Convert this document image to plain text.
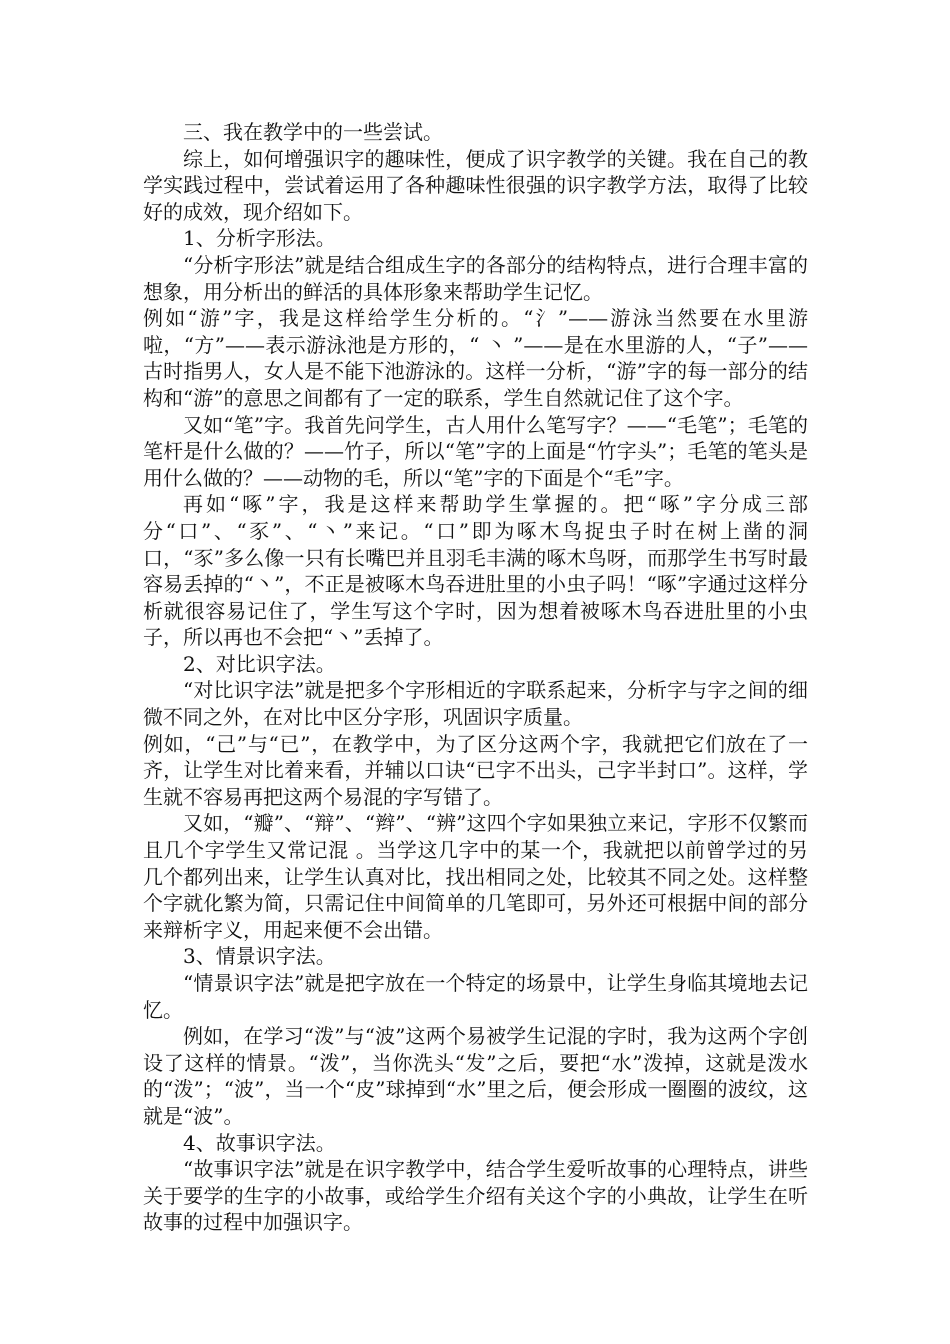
三、我在教学中的一些尝试。

综上，如何增强识字的趣味性，便成了识字教学的关键。我在自己的教学实践过程中，尝试着运用了各种趣味性很强的识字教学方法，取得了比较好的成效，现介绍如下。

1、分析字形法。

“分析字形法”就是结合组成生字的各部分的结构特点，进行合理丰富的想象，用分析出的鲜活的具体形象来帮助学生记忆。

例如“游”字，我是这样给学生分析的。“氵”——游泳当然要在水里游啦，“方”——表示游泳池是方形的，“ 丶 ”——是在水里游的人，“子”——古时指男人，女人是不能下池游泳的。这样一分析，“游”字的每一部分的结构和“游”的意思之间都有了一定的联系，学生自然就记住了这个字。

又如“笔”字。我首先问学生，古人用什么笔写字？——“毛笔”；毛笔的笔杆是什么做的？——竹子，所以“笔”字的上面是“竹字头”；毛笔的笔头是用什么做的？——动物的毛，所以“笔”字的下面是个“毛”字。

再如“啄”字，我是这样来帮助学生掌握的。把“啄”字分成三部分“口”、“豕”、“丶”来记。“口”即为啄木鸟捉虫子时在树上凿的洞口，“豕”多么像一只有长嘴巴并且羽毛丰满的啄木鸟呀，而那学生书写时最容易丢掉的“丶”，不正是被啄木鸟吞进肚里的小虫子吗！“啄”字通过这样分析就很容易记住了，学生写这个字时，因为想着被啄木鸟吞进肚里的小虫子，所以再也不会把“丶”丢掉了。

2、对比识字法。

“对比识字法”就是把多个字形相近的字联系起来，分析字与字之间的细微不同之外，在对比中区分字形，巩固识字质量。

例如，“己”与“已”，在教学中，为了区分这两个字，我就把它们放在了一齐，让学生对比着来看，并辅以口诀“已字不出头，己字半封口”。这样，学生就不容易再把这两个易混的字写错了。

又如，“瓣”、“辩”、“辫”、“辨”这四个字如果独立来记，字形不仅繁而且几个字学生又常记混 。当学这几字中的某一个，我就把以前曾学过的另几个都列出来，让学生认真对比，找出相同之处，比较其不同之处。这样整个字就化繁为简，只需记住中间简单的几笔即可，另外还可根据中间的部分来辩析字义，用起来便不会出错。

3、情景识字法。

“情景识字法”就是把字放在一个特定的场景中，让学生身临其境地去记忆。

例如，在学习“泼”与“波”这两个易被学生记混的字时，我为这两个字创设了这样的情景。“泼”，当你洗头“发”之后，要把“水”泼掉，这就是泼水的“泼”；“波”，当一个“皮”球掉到“水”里之后，便会形成一圈圈的波纹，这就是“波”。

4、故事识字法。

“故事识字法”就是在识字教学中，结合学生爱听故事的心理特点，讲些关于要学的生字的小故事，或给学生介绍有关这个字的小典故，让学生在听故事的过程中加强识字。
